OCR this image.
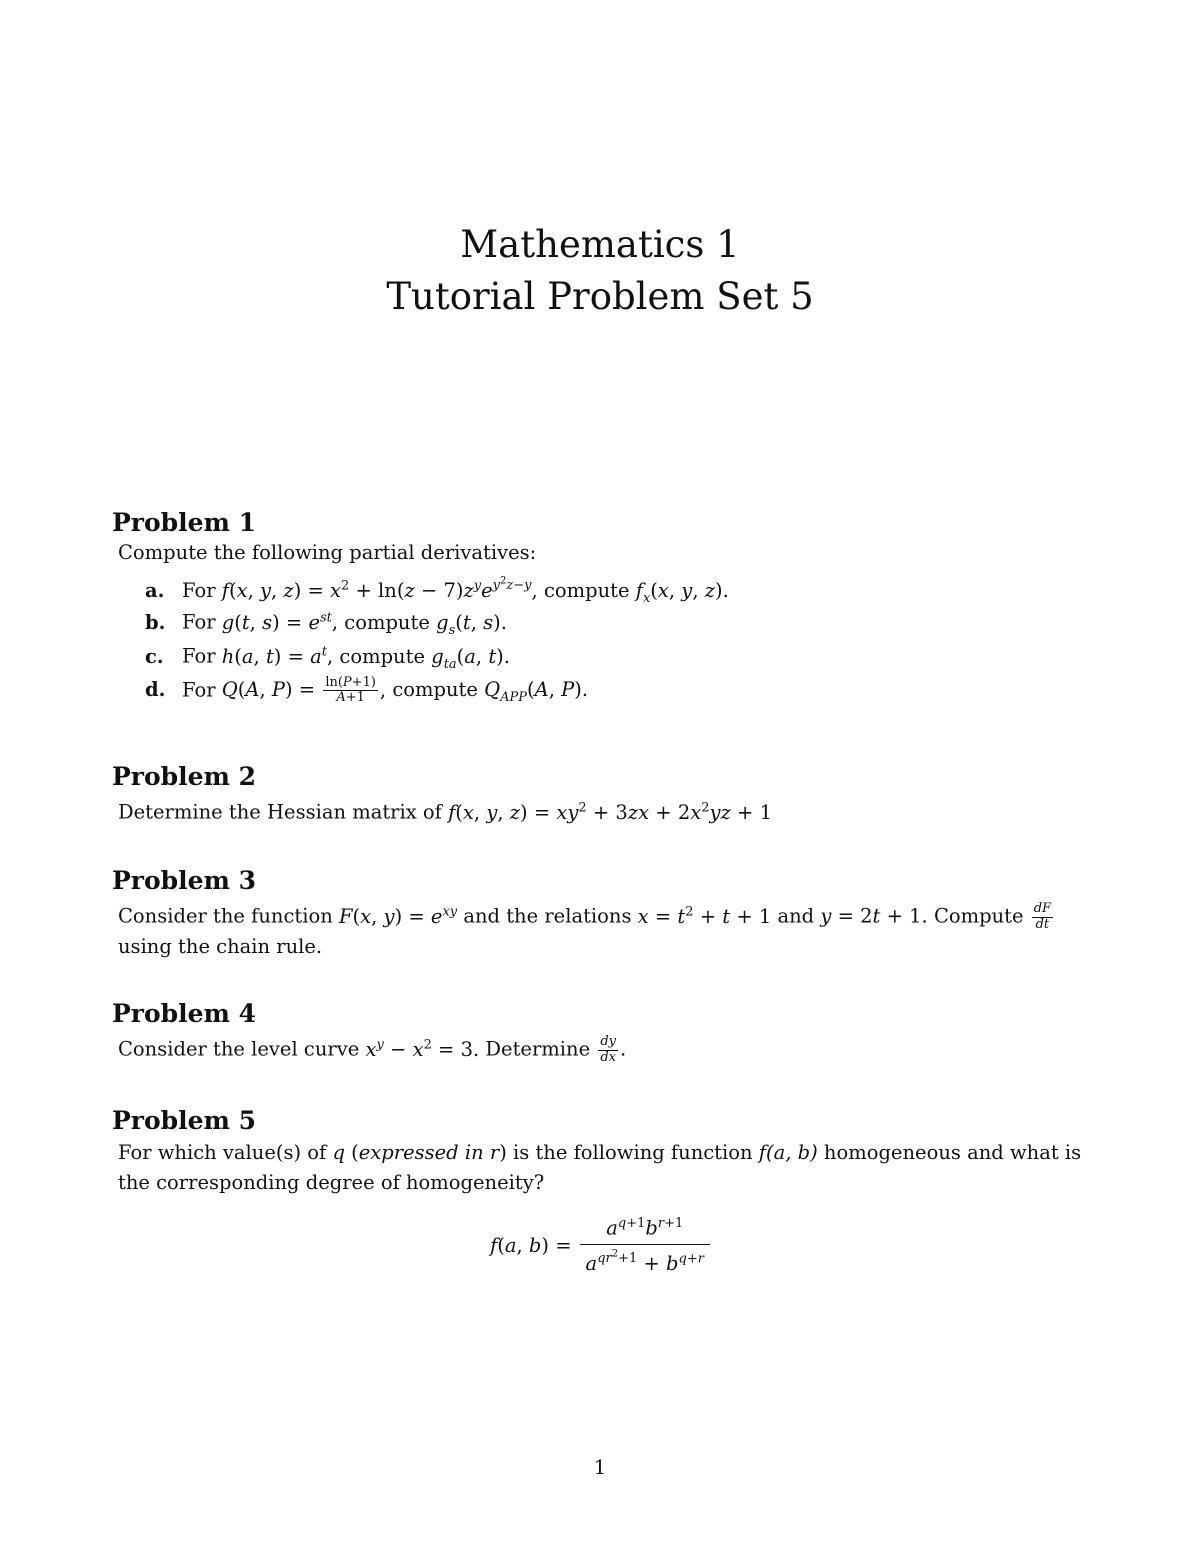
Mathematics 1
Tutorial Problem Set 5
Problem 1
Compute the following partial derivatives:
a. For f(x, y, $z) = x^2 + \ln(z - 7)z^ye^{y^2z-y}$, compute $f_x(x$, y, z).
b. For g(t, $s) = e^{st}$, compute $g_s(t$, s).
c. For h(a, $t) = a^t$, compute $g_{ta}(a$, t).
d. For Q(A, $P) = \frac{\ln(P+1)}{A+1}$ , compute $Q_{APP}(A$, P).
Problem 2
Determine the Hessian matrix of f(x, y, $z) = xy^2 + 3zx + 2x^2yz + 1$
Problem 3
Consider the function F(x, $y) = e^{xy}$ and the relations $x = t^2 + t + 1$ and y = 2t + 1. Compute $\frac{dF}{dt}$
using the chain rule.
Problem 4
Consider the level curve $x^y - x^2 = 3$. Determine $\frac{dy}{dx}$ .
Problem 5
For which value(s) of q (expressed in r) is the following function f(a, b) homogeneous and what is the corresponding degree of homogeneity?
f(a, b) =
$a^{q+1}b^{r+1}$
$a^{qr^2+1} + b^{q+r}$
1
